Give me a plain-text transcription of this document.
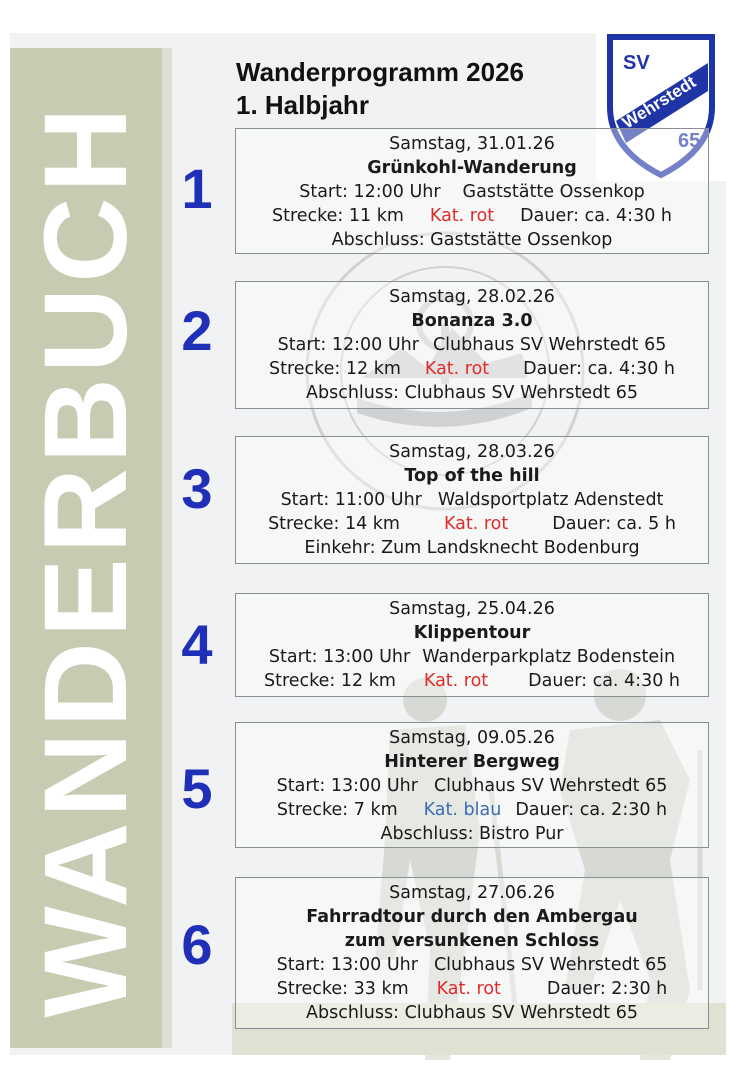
WANDERBUCH
Wanderprogramm 2026
1. Halbjahr
SV
Wehrstedt
65
1
Samstag, 31.01.26
Grünkohl-Wanderung
Start: 12:00 Uhr Gaststätte Ossenkop
Strecke: 11 km Kat. rot Dauer: ca. 4:30 h
Abschluss: Gaststätte Ossenkop
2
Samstag, 28.02.26
Bonanza 3.0
Start: 12:00 Uhr Clubhaus SV Wehrstedt 65
Strecke: 12 km Kat. rot Dauer: ca. 4:30 h
Abschluss: Clubhaus SV Wehrstedt 65
3
Samstag, 28.03.26
Top of the hill
Start: 11:00 Uhr Waldsportplatz Adenstedt
Strecke: 14 km	Kat. rot	Dauer: ca. 5 h
Einkehr: Zum Landsknecht Bodenburg
4
Samstag, 25.04.26
Klippentour
Start: 13:00 Uhr Wanderparkplatz Bodenstein
Strecke: 12 km Kat. rot Dauer: ca. 4:30 h
5
Samstag, 09.05.26
Hinterer Bergweg
Start: 13:00 Uhr Clubhaus SV Wehrstedt 65
Strecke: 7 km Kat. blau Dauer: ca. 2:30 h
Abschluss: Bistro Pur
6
Samstag, 27.06.26
Fahrradtour durch den Ambergau
zum versunkenen Schloss
Start: 13:00 Uhr Clubhaus SV Wehrstedt 65
Strecke: 33 km Kat. rot	Dauer: 2:30 h
Abschluss: Clubhaus SV Wehrstedt 65
